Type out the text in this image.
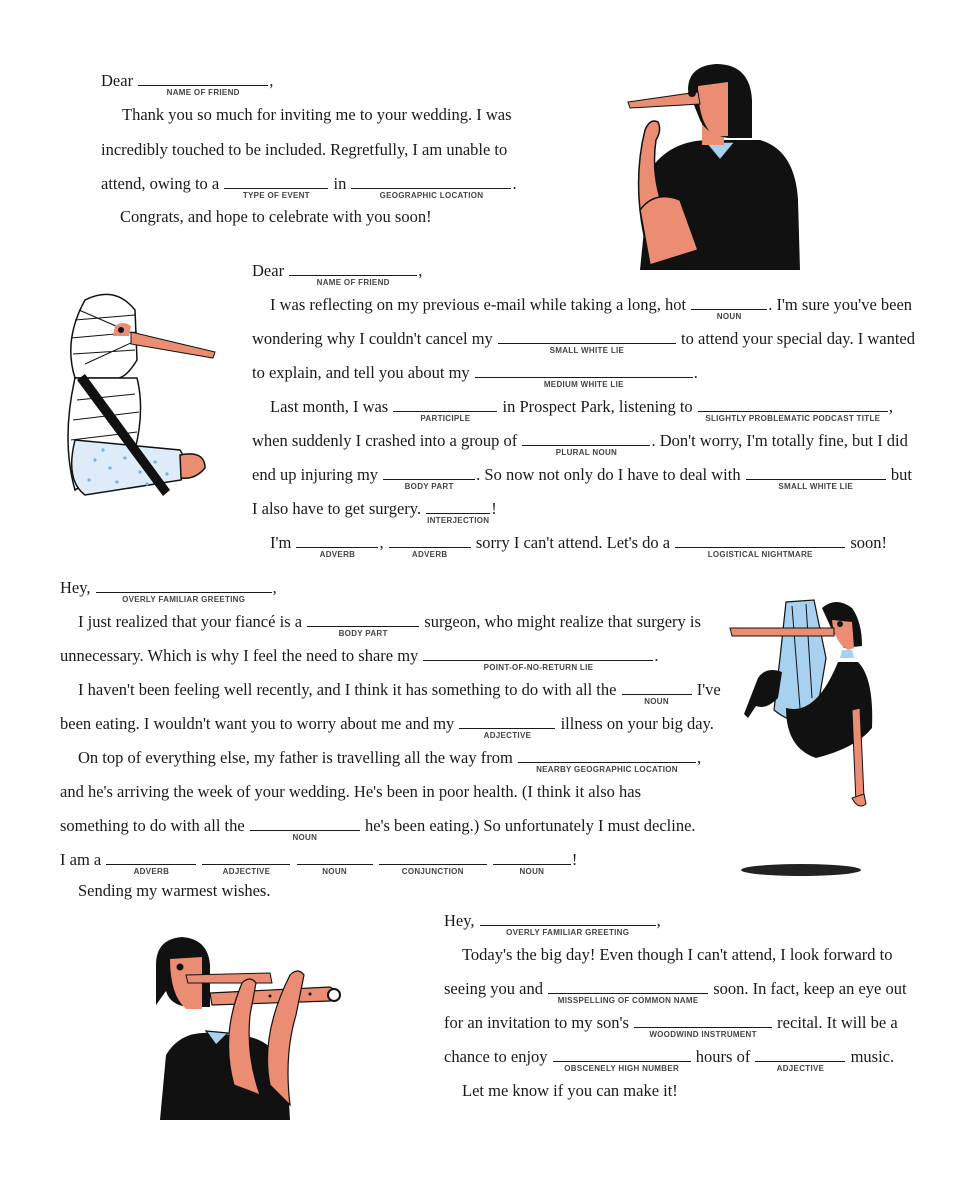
Dear
NAME OF FRIEND
,
Thank you so much for inviting me to your wedding. I was
incredibly touched to be included. Regretfully, I am unable to
attend, owing to a
TYPE OF EVENT
in
GEOGRAPHIC LOCATION
.
Congrats, and hope to celebrate with you soon!
Dear
NAME OF FRIEND
,
I was reflecting on my previous e-mail while taking a long, hot
NOUN
. I'm sure you've been
wondering why I couldn't cancel my
SMALL WHITE LIE
to attend your special day. I wanted
to explain, and tell you about my
MEDIUM WHITE LIE
.
Last month, I was
PARTICIPLE
in Prospect Park, listening to
SLIGHTLY PROBLEMATIC PODCAST TITLE
,
when suddenly I crashed into a group of
PLURAL NOUN
. Don't worry, I'm totally fine, but I did
end up injuring my
BODY PART
. So now not only do I have to deal with
SMALL WHITE LIE
but
I also have to get surgery.
INTERJECTION
!
I'm
ADVERB
,
ADVERB
sorry I can't attend. Let's do a
LOGISTICAL NIGHTMARE
soon!
Hey,
OVERLY FAMILIAR GREETING
,
I just realized that your fiancé is a
BODY PART
surgeon, who might realize that surgery is
unnecessary. Which is why I feel the need to share my
POINT-OF-NO-RETURN LIE
.
I haven't been feeling well recently, and I think it has something to do with all the
NOUN
I've
been eating. I wouldn't want you to worry about me and my
ADJECTIVE
illness on your big day.
On top of everything else, my father is travelling all the way from
NEARBY GEOGRAPHIC LOCATION
,
and he's arriving the week of your wedding. He's been in poor health. (I think it also has
something to do with all the
NOUN
he's been eating.) So unfortunately I must decline.
I am a
ADVERB
	ADJECTIVE
	NOUN
	CONJUNCTION
	NOUN
!
Sending my warmest wishes.
Hey,
OVERLY FAMILIAR GREETING
,
Today's the big day! Even though I can't attend, I look forward to
seeing you and
MISSPELLING OF COMMON NAME
soon. In fact, keep an eye out
for an invitation to my son's
WOODWIND INSTRUMENT
recital. It will be a
chance to enjoy
OBSCENELY HIGH NUMBER
hours of
ADJECTIVE
music.
Let me know if you can make it!
